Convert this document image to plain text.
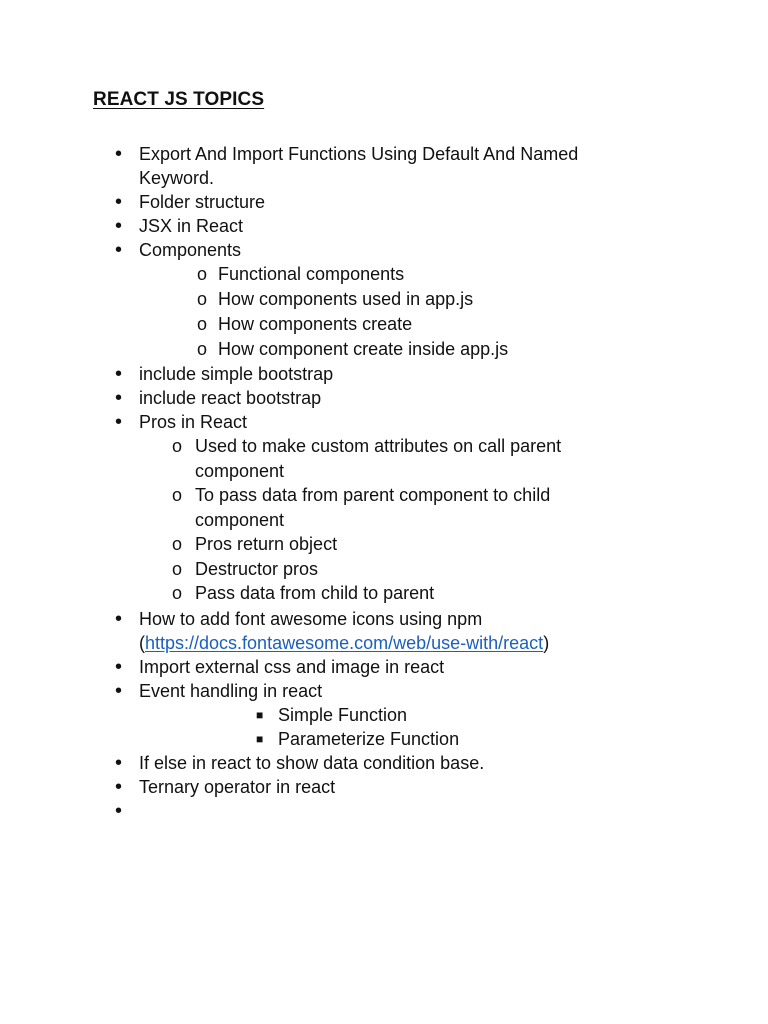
REACT JS TOPICS
• Export And Import Functions Using Default And Named Keyword.
• Folder structure
• JSX in React
• Components
o Functional components
o How components used in app.js
o How components create
o How component create inside app.js
• include simple bootstrap
• include react bootstrap
• Pros in React
o Used to make custom attributes on call parent component
o To pass data from parent component to child component
o Pros return object
o Destructor pros
o Pass data from child to parent
• How to add font awesome icons using npm
(https://docs.fontawesome.com/web/use-with/react)
• Import external css and image in react
• Event handling in react
■ Simple Function
■ Parameterize Function
• If else in react to show data condition base.
• Ternary operator in react
•
